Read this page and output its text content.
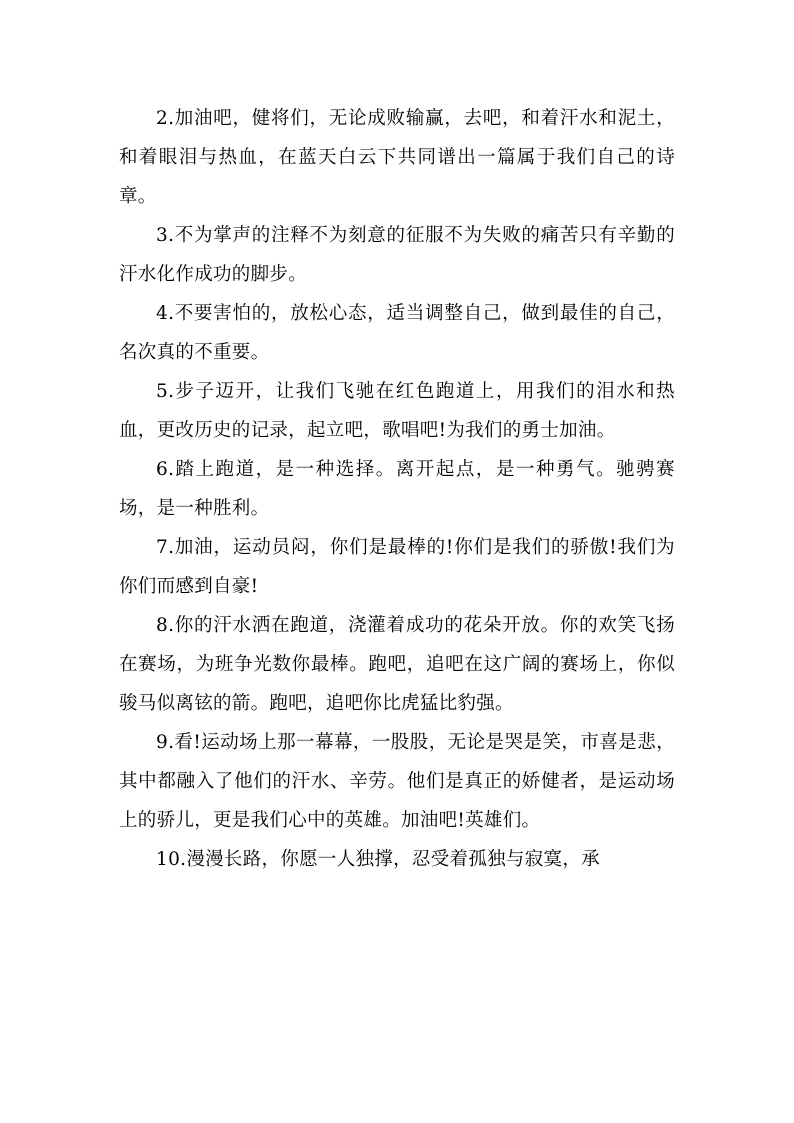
2.加油吧，健将们，无论成败输赢，去吧，和着汗水和泥土，和着眼泪与热血，在蓝天白云下共同谱出一篇属于我们自己的诗章。

3.不为掌声的注释不为刻意的征服不为失败的痛苦只有辛勤的汗水化作成功的脚步。

4.不要害怕的，放松心态，适当调整自己，做到最佳的自己，名次真的不重要。

5.步子迈开，让我们飞驰在红色跑道上，用我们的泪水和热血，更改历史的记录，起立吧，歌唱吧!为我们的勇士加油。

6.踏上跑道，是一种选择。离开起点，是一种勇气。驰骋赛场，是一种胜利。

7.加油，运动员闷，你们是最棒的!你们是我们的骄傲!我们为你们而感到自豪!

8.你的汗水洒在跑道，浇灌着成功的花朵开放。你的欢笑飞扬在赛场，为班争光数你最棒。跑吧，追吧在这广阔的赛场上，你似骏马似离铉的箭。跑吧，追吧你比虎猛比豹强。

9.看!运动场上那一幕幕，一股股，无论是哭是笑，市喜是悲，其中都融入了他们的汗水、辛劳。他们是真正的娇健者，是运动场上的骄儿，更是我们心中的英雄。加油吧!英雄们。

10.漫漫长路，你愿一人独撑，忍受着孤独与寂寞，承
